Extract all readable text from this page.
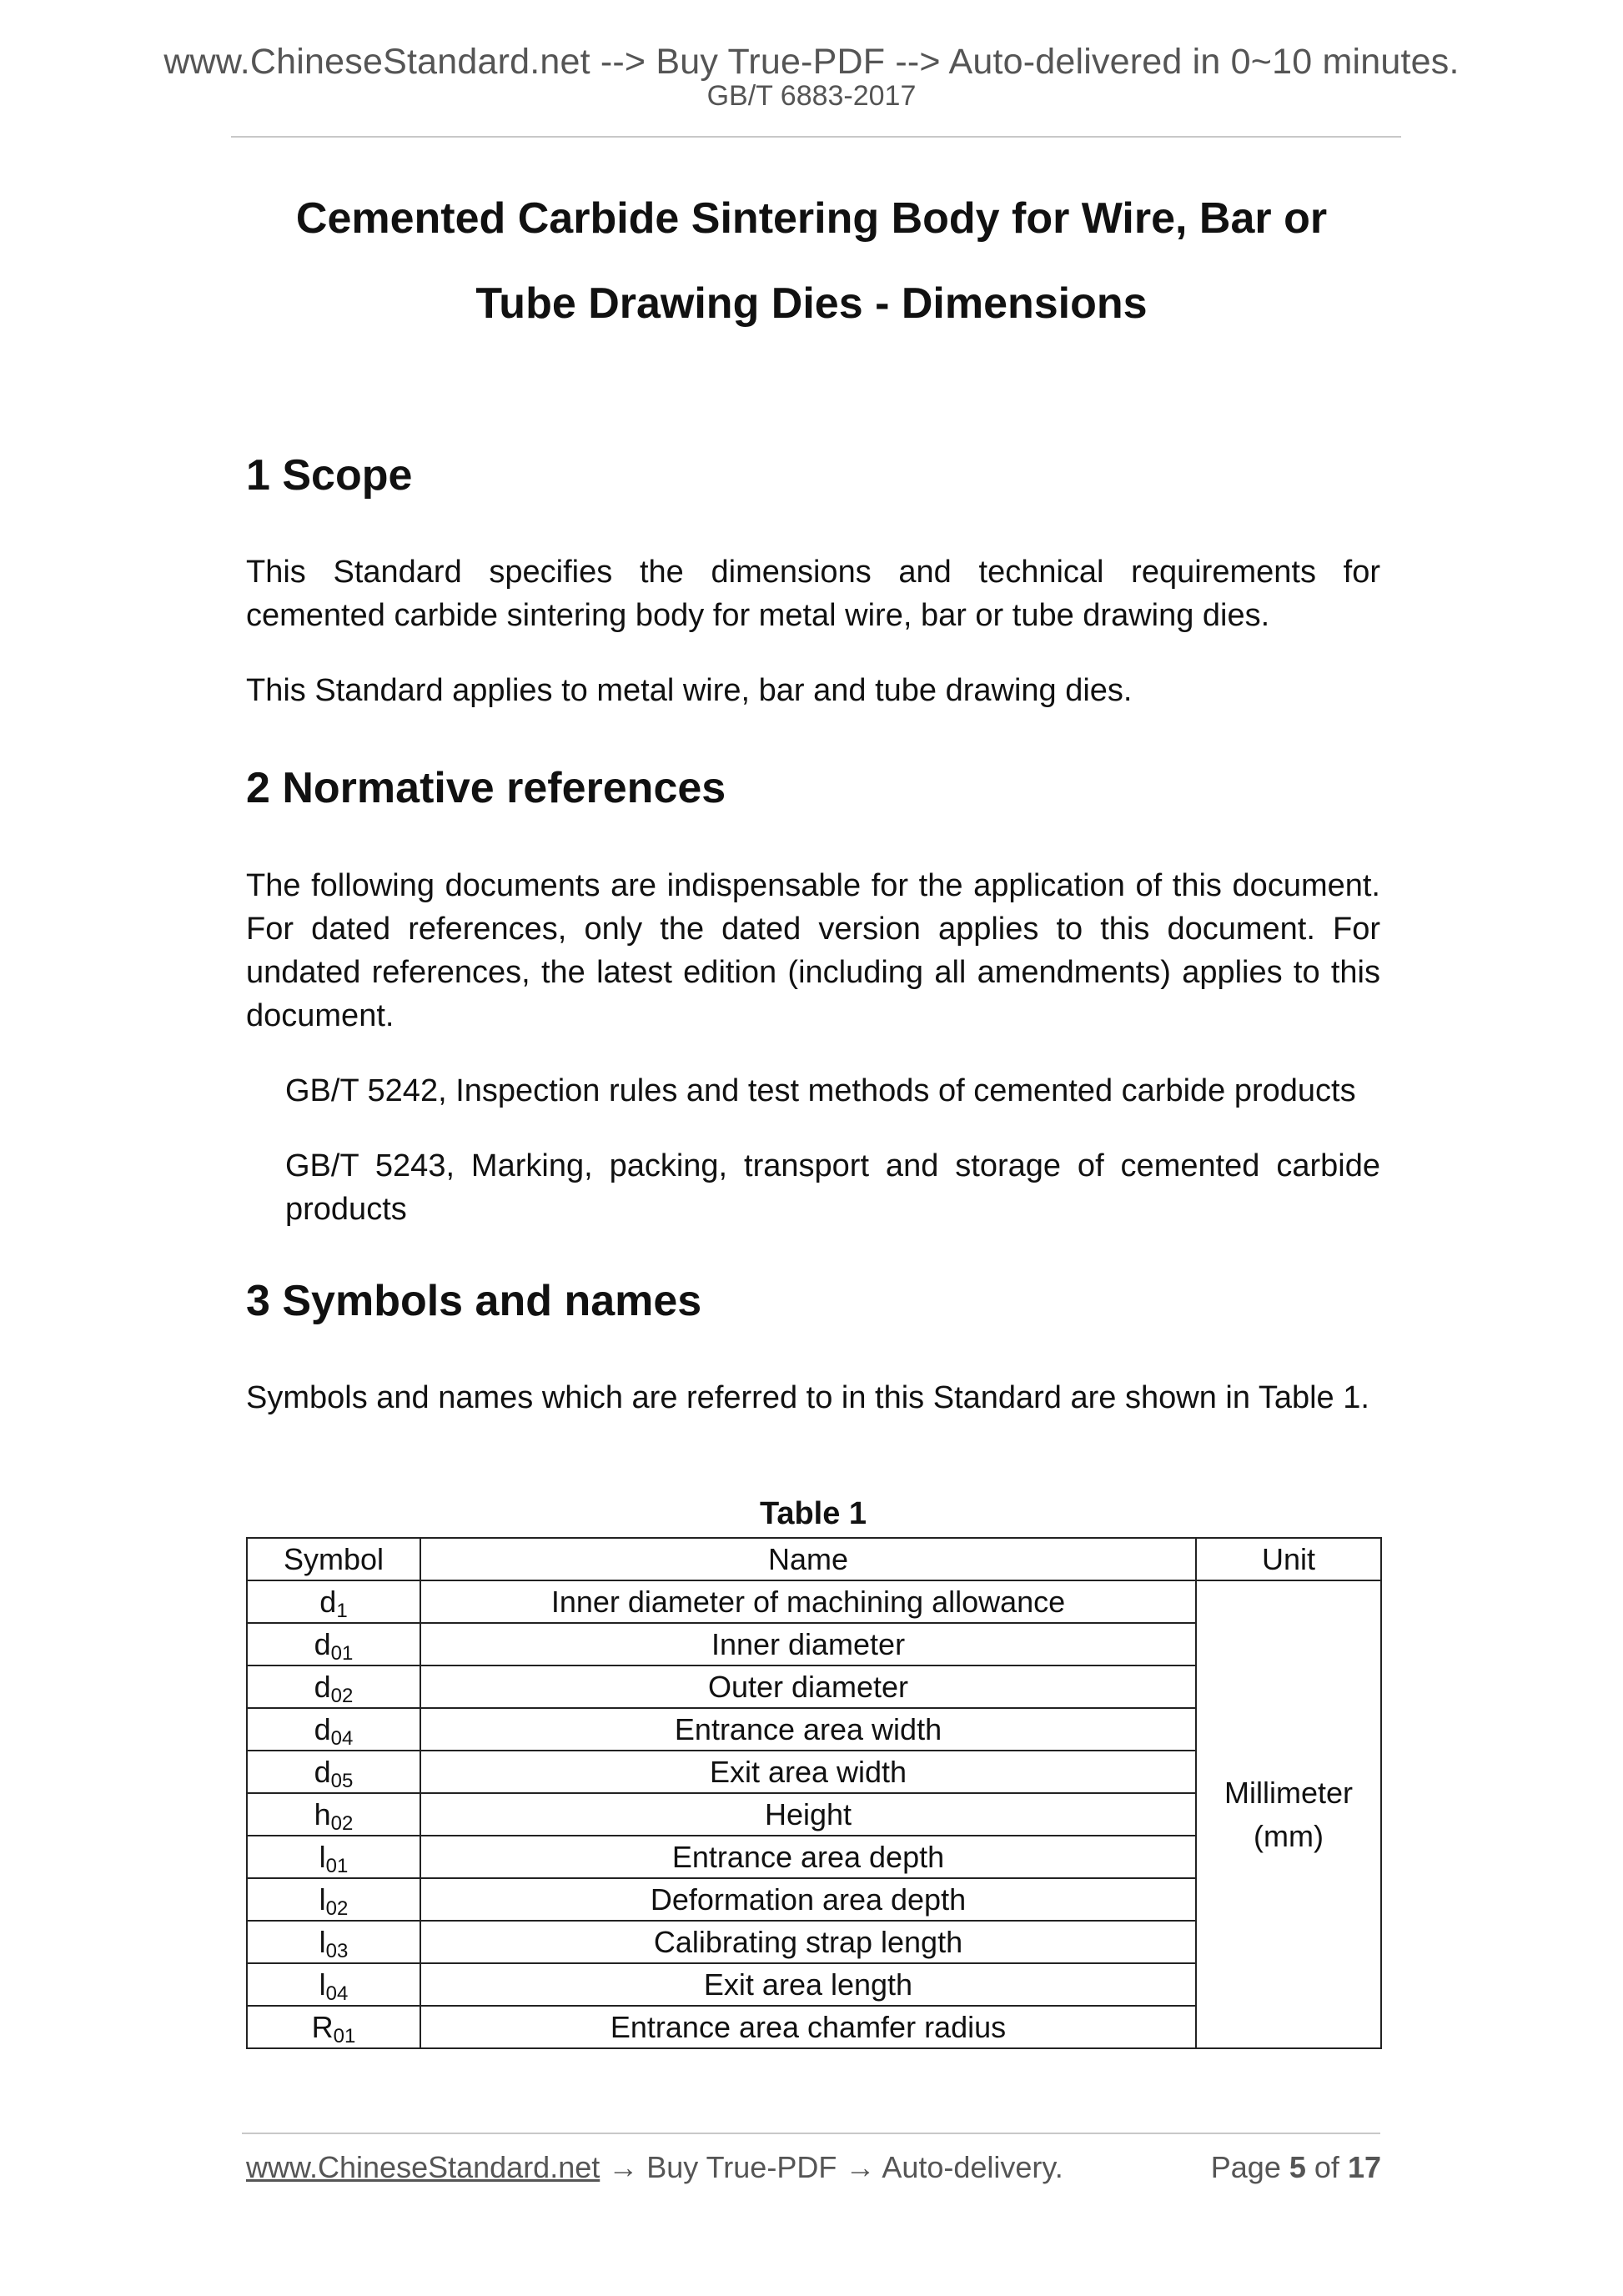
www.ChineseStandard.net --> Buy True-PDF --> Auto-delivered in 0~10 minutes.
GB/T 6883-2017
Cemented Carbide Sintering Body for Wire, Bar or
Tube Drawing Dies - Dimensions
1 Scope
This Standard specifies the dimensions and technical requirements for cemented carbide sintering body for metal wire, bar or tube drawing dies.
This Standard applies to metal wire, bar and tube drawing dies.
2 Normative references
The following documents are indispensable for the application of this document. For dated references, only the dated version applies to this document. For undated references, the latest edition (including all amendments) applies to this document.
GB/T 5242, Inspection rules and test methods of cemented carbide products
GB/T 5243, Marking, packing, transport and storage of cemented carbide products
3 Symbols and names
Symbols and names which are referred to in this Standard are shown in Table 1.
Table 1
Symbol	Name	Unit
$d_1$	Inner diameter of machining allowance	Millimeter
(mm)

$d_{01}$	Inner diameter	
$d_{02}$	Outer diameter	
$d_{04}$	Entrance area width	
$d_{05}$	Exit area width	
$h_{02}$	Height	
$l_{01}$	Entrance area depth	
$l_{02}$	Deformation area depth	
$l_{03}$	Calibrating strap length	
$l_{04}$	Exit area length	
$R_{01}$	Entrance area chamfer radius	
www.ChineseStandard.net → Buy True-PDF → Auto-delivery.	Page 5 of 17
